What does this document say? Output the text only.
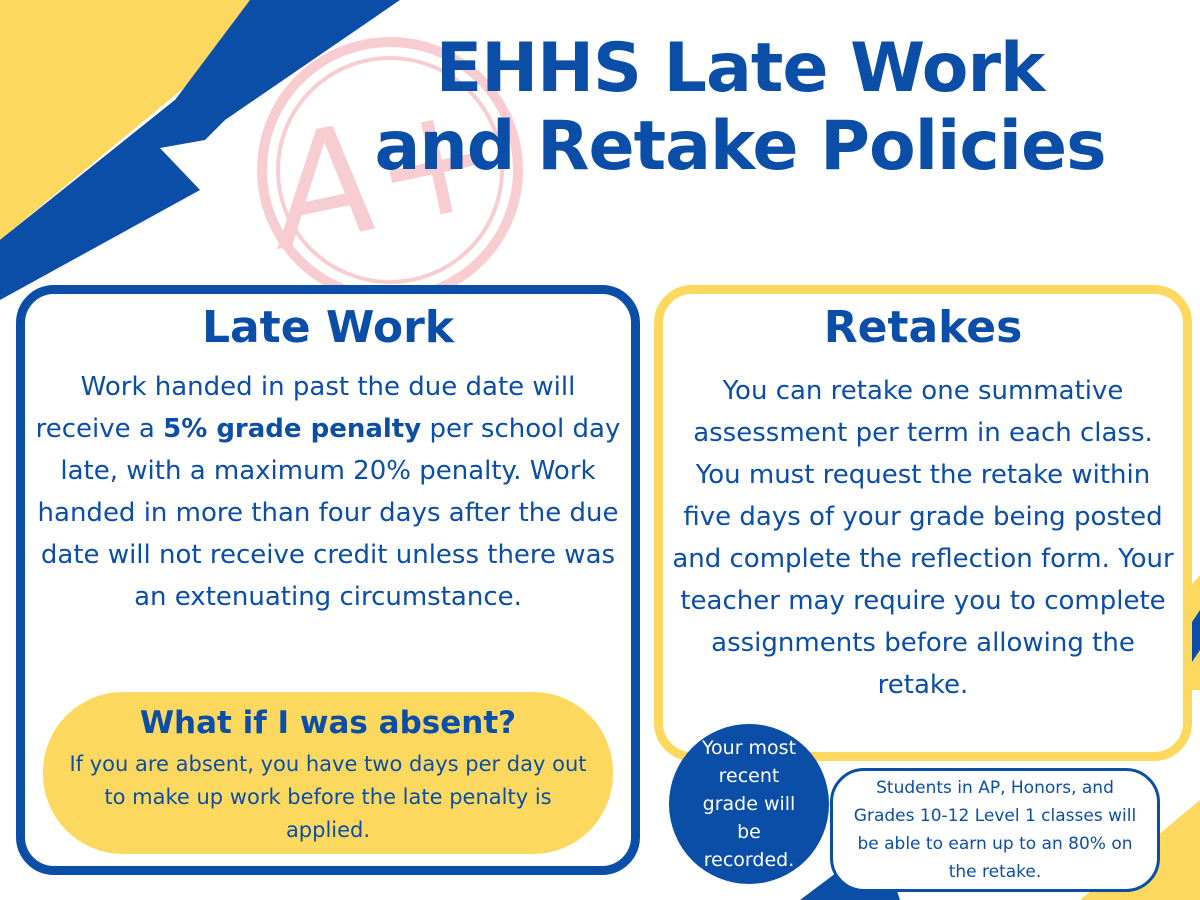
A+
EHHS Late Work
and Retake Policies
Late Work

Work handed in past the due date will receive a 5% grade penalty per school day late, with a maximum 20% penalty. Work handed in more than four days after the due date will not receive credit unless there was an extenuating circumstance.

What if I was absent?

If you are absent, you have two days per day out to make up work before the late penalty is applied.

Retakes

You can retake one summative assessment per term in each class. You must request the retake within five days of your grade being posted and complete the reflection form. Your teacher may require you to complete assignments before allowing the retake.

Your most recent grade will be recorded.
Students in AP, Honors, and Grades 10-12 Level 1 classes will be able to earn up to an 80% on the retake.
